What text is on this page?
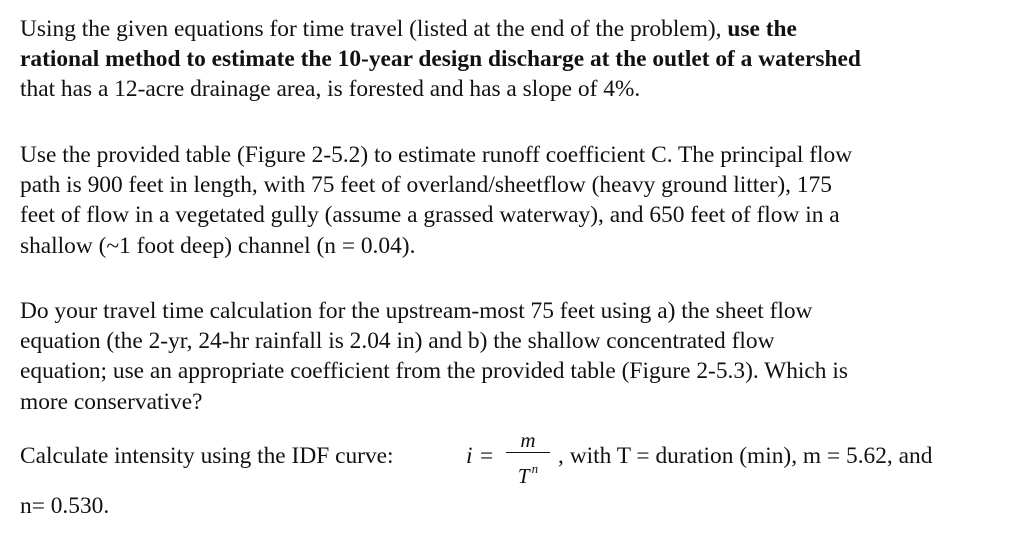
Using the given equations for time travel (listed at the end of the problem), use the
rational method to estimate the 10-year design discharge at the outlet of a watershed
that has a 12-acre drainage area, is forested and has a slope of 4%.
Use the provided table (Figure 2-5.2) to estimate runoff coefficient C. The principal flow
path is 900 feet in length, with 75 feet of overland/sheetflow (heavy ground litter), 175
feet of flow in a vegetated gully (assume a grassed waterway), and 650 feet of flow in a
shallow (~1 foot deep) channel (n = 0.04).
Do your travel time calculation for the upstream-most 75 feet using a) the sheet flow
equation (the 2-yr, 24-hr rainfall is 2.04 in) and b) the shallow concentrated flow
equation; use an appropriate coefficient from the provided table (Figure 2-5.3). Which is
more conservative?
Calculate intensity using the IDF curve:	i =
m
T $^n$ , with T = duration (min), m = 5.62, and
n= 0.530.
